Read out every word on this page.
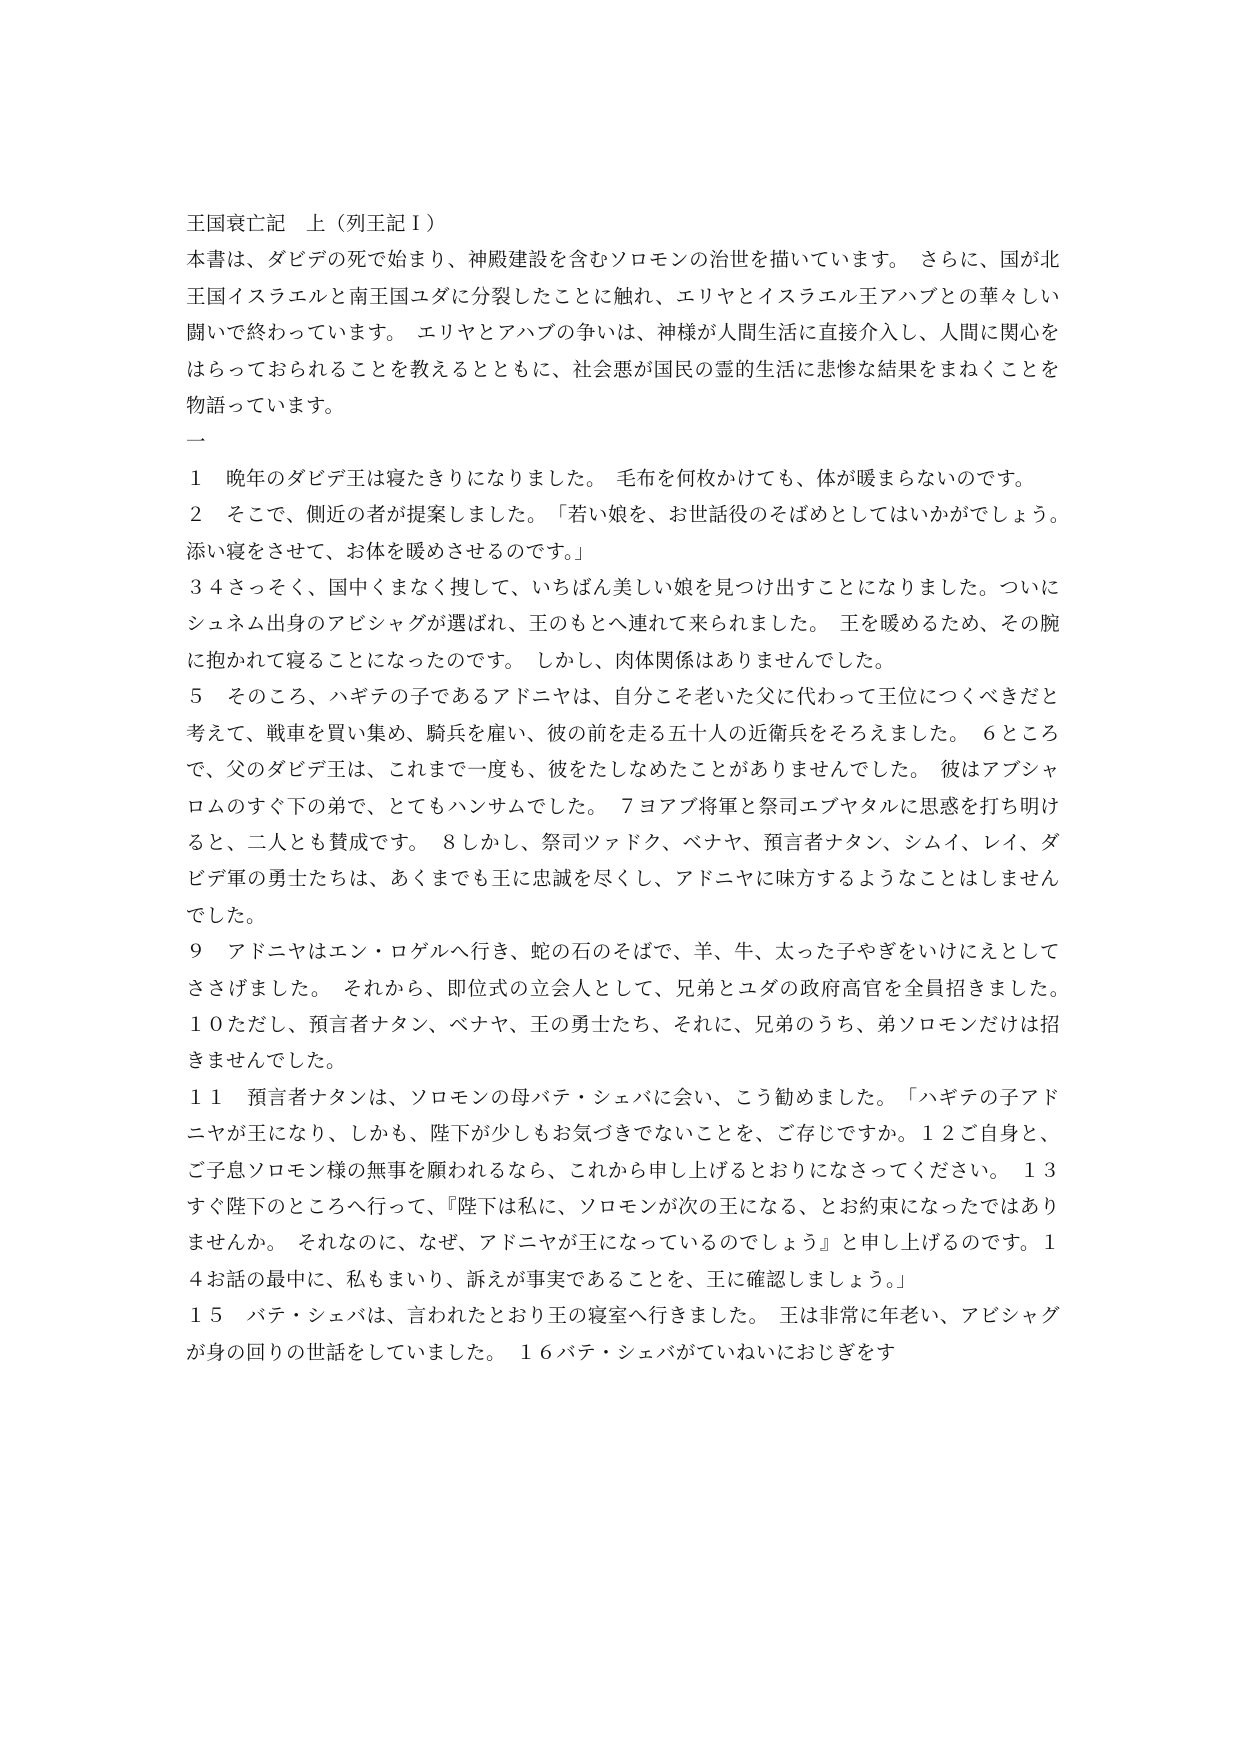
王国衰亡記　上（列王記Ｉ）

本書は、ダビデの死で始まり、神殿建設を含むソロモンの治世を描いています。　さらに、国が北王国イスラエルと南王国ユダに分裂したことに触れ、エリヤとイスラエル王アハブとの華々しい闘いで終わっています。　エリヤとアハブの争いは、神様が人間生活に直接介入し、人間に関心をはらっておられることを教えるとともに、社会悪が国民の霊的生活に悲惨な結果をまねくことを物語っています。

一

１　晩年のダビデ王は寝たきりになりました。　毛布を何枚かけても、体が暖まらないのです。

２　そこで、側近の者が提案しました。　「若い娘を、お世話役のそばめとしてはいかがでしょう。　添い寝をさせて、お体を暖めさせるのです。」

３４さっそく、国中くまなく捜して、いちばん美しい娘を見つけ出すことになりました。ついにシュネム出身のアビシャグが選ばれ、王のもとへ連れて来られました。　王を暖めるため、その腕に抱かれて寝ることになったのです。　しかし、肉体関係はありませんでした。

５　そのころ、ハギテの子であるアドニヤは、自分こそ老いた父に代わって王位につくべきだと考えて、戦車を買い集め、騎兵を雇い、彼の前を走る五十人の近衛兵をそろえました。　６ところで、父のダビデ王は、これまで一度も、彼をたしなめたことがありませんでした。　彼はアブシャロムのすぐ下の弟で、とてもハンサムでした。　７ヨアブ将軍と祭司エブヤタルに思惑を打ち明けると、二人とも賛成です。　８しかし、祭司ツァドク、ベナヤ、預言者ナタン、シムイ、レイ、ダビデ軍の勇士たちは、あくまでも王に忠誠を尽くし、アドニヤに味方するようなことはしませんでした。

９　アドニヤはエン・ロゲルへ行き、蛇の石のそばで、羊、牛、太った子やぎをいけにえとしてささげました。　それから、即位式の立会人として、兄弟とユダの政府高官を全員招きました。　１０ただし、預言者ナタン、ベナヤ、王の勇士たち、それに、兄弟のうち、弟ソロモンだけは招きませんでした。

１１　預言者ナタンは、ソロモンの母バテ・シェバに会い、こう勧めました。　「ハギテの子アドニヤが王になり、しかも、陛下が少しもお気づきでないことを、ご存じですか。１２ご自身と、ご子息ソロモン様の無事を願われるなら、これから申し上げるとおりになさってください。　１３すぐ陛下のところへ行って、『陛下は私に、ソロモンが次の王になる、とお約束になったではありませんか。　それなのに、なぜ、アドニヤが王になっているのでしょう』と申し上げるのです。１４お話の最中に、私もまいり、訴えが事実であることを、王に確認しましょう。」

１５　バテ・シェバは、言われたとおり王の寝室へ行きました。　王は非常に年老い、アビシャグが身の回りの世話をしていました。　１６バテ・シェバがていねいにおじぎをす
